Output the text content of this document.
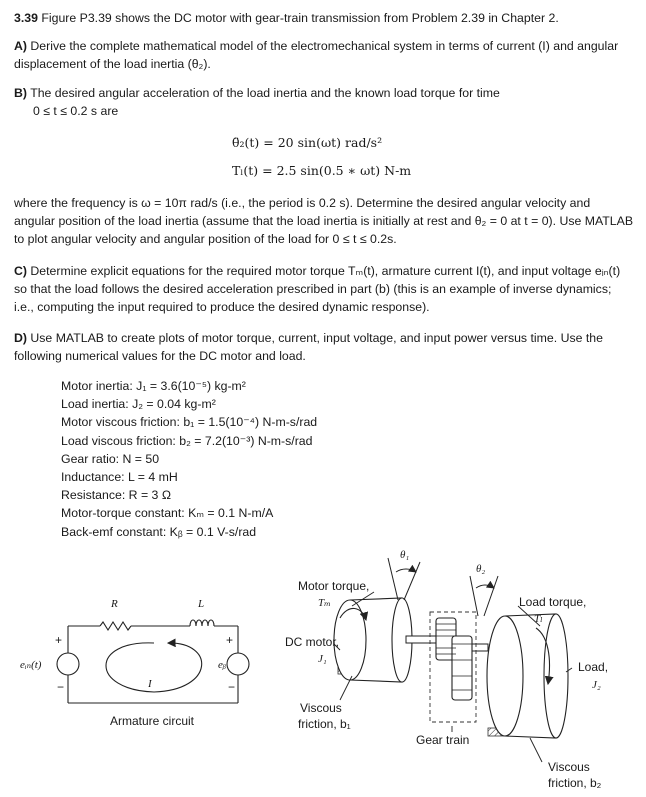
3.39 Figure P3.39 shows the DC motor with gear-train transmission from Problem 2.39 in Chapter 2.

A) Derive the complete mathematical model of the electromechanical system in terms of current (I) and angular displacement of the load inertia (θ₂).

B) The desired angular acceleration of the load inertia and the known load torque for time

0 ≤ t ≤ 0.2 s are

θ̈₂(t) = 20 sin(ωt) rad/s²
Tₗ(t) = 2.5 sin(0.5 ∗ ωt) N-m

where the frequency is ω = 10π rad/s (i.e., the period is 0.2 s). Determine the desired angular velocity and angular position of the load inertia (assume that the load inertia is initially at rest and θ₂ = 0 at t = 0). Use MATLAB to plot angular velocity and angular position of the load for 0 ≤ t ≤ 0.2s.

C) Determine explicit equations for the required motor torque Tₘ(t), armature current I(t), and input voltage eᵢₙ(t) so that the load follows the desired acceleration prescribed in part (b) (this is an example of inverse dynamics; i.e., computing the input required to produce the desired dynamic response).

D) Use MATLAB to create plots of motor torque, current, input voltage, and input power versus time. Use the following numerical values for the DC motor and load.

Motor inertia: J₁ = 3.6(10⁻⁵) kg-m²
Load inertia: J₂ = 0.04 kg-m²
Motor viscous friction: b₁ = 1.5(10⁻⁴) N-m-s/rad
Load viscous friction: b₂ = 7.2(10⁻³) N-m-s/rad
Gear ratio: N = 50
Inductance: L = 4 mH
Resistance: R = 3 Ω
Motor-torque constant: Kₘ = 0.1 N-m/A
Back-emf constant: Kᵦ = 0.1 V-s/rad
R	L
eᵢₙ(t)	eᵦ
I
+
−
+
−
Armature circuit
θ₁
θ₂
Motor torque,
Tₘ
DC motor,
J₁
Viscous
friction, b₁
Gear train
Load torque,
Tₗ
Load,
J₂
Viscous
friction, b₂
